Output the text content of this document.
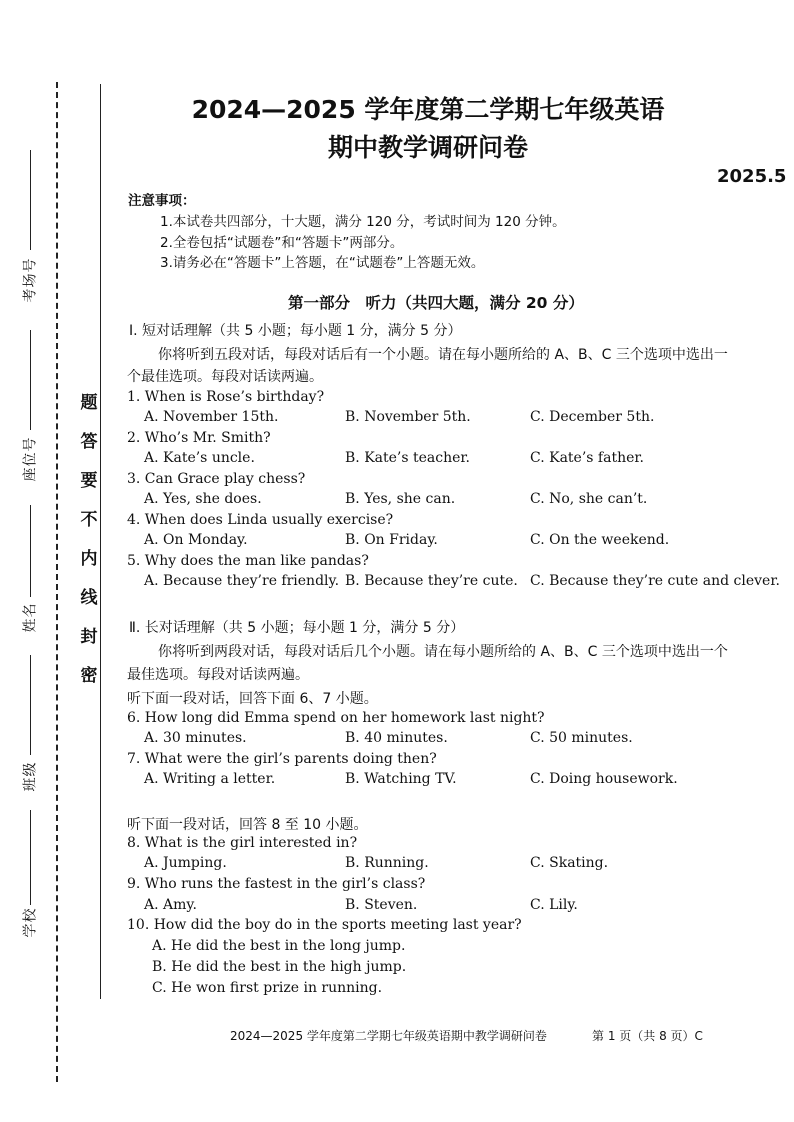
号
场
考
号
位
座
名
姓
级
班
校
学
题
答
要
不
内
线
封
密
2024—2025 学年度第二学期七年级英语
期中教学调研问卷
2025.5
注意事项：
1.本试卷共四部分，十大题，满分 120 分，考试时间为 120 分钟。
2.全卷包括“试题卷”和“答题卡”两部分。
3.请务必在“答题卡”上答题，在“试题卷”上答题无效。
第一部分　听力（共四大题，满分 20 分）
Ⅰ. 短对话理解（共 5 小题；每小题 1 分，满分 5 分）
你将听到五段对话，每段对话后有一个小题。请在每小题所给的 A、B、C 三个选项中选出一
个最佳选项。每段对话读两遍。
1. When is Rose’s birthday?
A. November 15th.	B. November 5th.	C. December 5th.
2. Who’s Mr. Smith?
A. Kate’s uncle.	B. Kate’s teacher.	C. Kate’s father.
3. Can Grace play chess?
A. Yes, she does.	B. Yes, she can.	C. No, she can’t.
4. When does Linda usually exercise?
A. On Monday.	B. On Friday.	C. On the weekend.
5. Why does the man like pandas?
A. Because they’re friendly. B. Because they’re cute. C. Because they’re cute and clever.
Ⅱ. 长对话理解（共 5 小题；每小题 1 分，满分 5 分）
你将听到两段对话，每段对话后几个小题。请在每小题所给的 A、B、C 三个选项中选出一个
最佳选项。每段对话读两遍。
听下面一段对话，回答下面 6、7 小题。
6. How long did Emma spend on her homework last night?
A. 30 minutes.	B. 40 minutes.	C. 50 minutes.
7. What were the girl’s parents doing then?
A. Writing a letter.	B. Watching TV.	C. Doing housework.
听下面一段对话，回答 8 至 10 小题。
8. What is the girl interested in?
A. Jumping.	B. Running.	C. Skating.
9. Who runs the fastest in the girl’s class?
A. Amy.	B. Steven.	C. Lily.
10. How did the boy do in the sports meeting last year?
A. He did the best in the long jump.
B. He did the best in the high jump.
C. He won first prize in running.
2024—2025 学年度第二学期七年级英语期中教学调研问卷	第 1 页（共 8 页）C
